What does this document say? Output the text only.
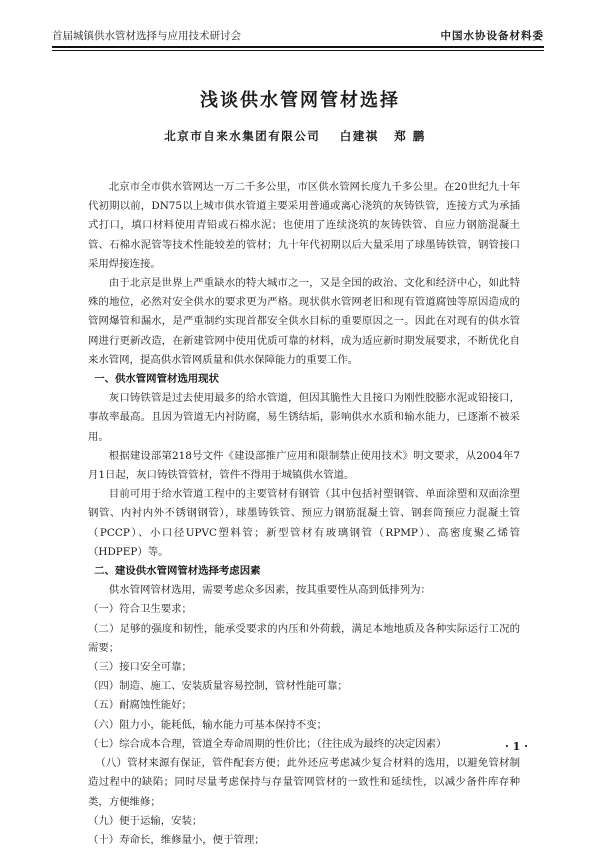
首届城镇供水管材选择与应用技术研讨会	中国水协设备材料委
浅谈供水管网管材选择
北京市自来水集团有限公司 白建祺 郑 鹏

北京市全市供水管网达一万二千多公里，市区供水管网长度九千多公里。在20世纪九十年代初期以前，DN75以上城市供水管道主要采用普通或离心浇筑的灰铸铁管，连接方式为承插式打口，填口材料使用青铅或石棉水泥；也使用了连续浇筑的灰铸铁管、自应力钢筋混凝土管、石棉水泥管等技术性能较差的管材；九十年代初期以后大量采用了球墨铸铁管，钢管接口采用焊接连接。

由于北京是世界上严重缺水的特大城市之一，又是全国的政治、文化和经济中心，如此特殊的地位，必然对安全供水的要求更为严格。现状供水管网老旧和现有管道腐蚀等原因造成的管网爆管和漏水，是严重制约实现首都安全供水目标的重要原因之一。因此在对现有的供水管网进行更新改造，在新建管网中使用优质可靠的材料，成为适应新时期发展要求，不断优化自来水管网，提高供水管网质量和供水保障能力的重要工作。

一、供水管网管材选用现状

灰口铸铁管是过去使用最多的给水管道，但因其脆性大且接口为刚性胶膨水泥或铅接口，事故率最高。且因为管道无内衬防腐，易生锈结垢，影响供水水质和输水能力，已逐渐不被采用。

根据建设部第218号文件《建设部推广应用和限制禁止使用技术》明文要求，从2004年7月1日起，灰口铸铁管管材，管件不得用于城镇供水管道。

目前可用于给水管道工程中的主要管材有钢管（其中包括衬塑钢管、单面涂塑和双面涂塑钢管、内衬内外不锈钢钢管），球墨铸铁管、预应力钢筋混凝土管、钢套筒预应力混凝土管（PCCP）、小口径UPVC塑料管；新型管材有玻璃钢管（RPMP）、高密度聚乙烯管（HDPEP）等。

二、建设供水管网管材选择考虑因素

供水管网管材选用，需要考虑众多因素，按其重要性从高到低排列为：

（一）符合卫生要求；

（二）足够的强度和韧性，能承受要求的内压和外荷载，满足本地地质及各种实际运行工况的需要；

（三）接口安全可靠；

（四）制造、施工、安装质量容易控制，管材性能可靠；

（五）耐腐蚀性能好；

（六）阻力小，能耗低，输水能力可基本保持不变；

（七）综合成本合理，管道全寿命周期的性价比；（往往成为最终的决定因素）

（八）管材来源有保证，管件配套方便；此外还应考虑减少复合材料的选用，以避免管材制造过程中的缺陷；同时尽量考虑保持与存量管网管材的一致性和延续性，以减少备件库存种类，方便维修；

（九）便于运输，安装；

（十）寿命长，维修量小，便于管理；

· 1 ·
